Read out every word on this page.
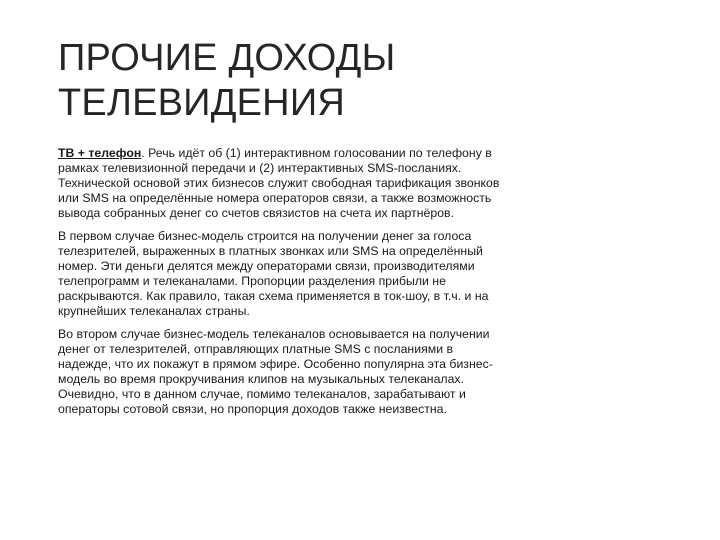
ПРОЧИЕ ДОХОДЫ
ТЕЛЕВИДЕНИЯ

ТВ + телефон. Речь идёт об (1) интерактивном голосовании по телефону в рамках телевизионной передачи и (2) интерактивных SMS-посланиях. Технической основой этих бизнесов служит свободная тарификация звонков или SMS на определённые номера операторов связи, а также возможность вывода собранных денег со счетов связистов на счета их партнёров.

В первом случае бизнес-модель строится на получении денег за голоса телезрителей, выраженных в платных звонках или SMS на определённый номер. Эти деньги делятся между операторами связи, производителями телепрограмм и телеканалами. Пропорции разделения прибыли не раскрываются. Как правило, такая схема применяется в ток-шоу, в т.ч. и на крупнейших телеканалах страны.

Во втором случае бизнес-модель телеканалов основывается на получении денег от телезрителей, отправляющих платные SMS с посланиями в надежде, что их покажут в прямом эфире. Особенно популярна эта бизнес-модель во время прокручивания клипов на музыкальных телеканалах. Очевидно, что в данном случае, помимо телеканалов, зарабатывают и операторы сотовой связи, но пропорция доходов также неизвестна.
